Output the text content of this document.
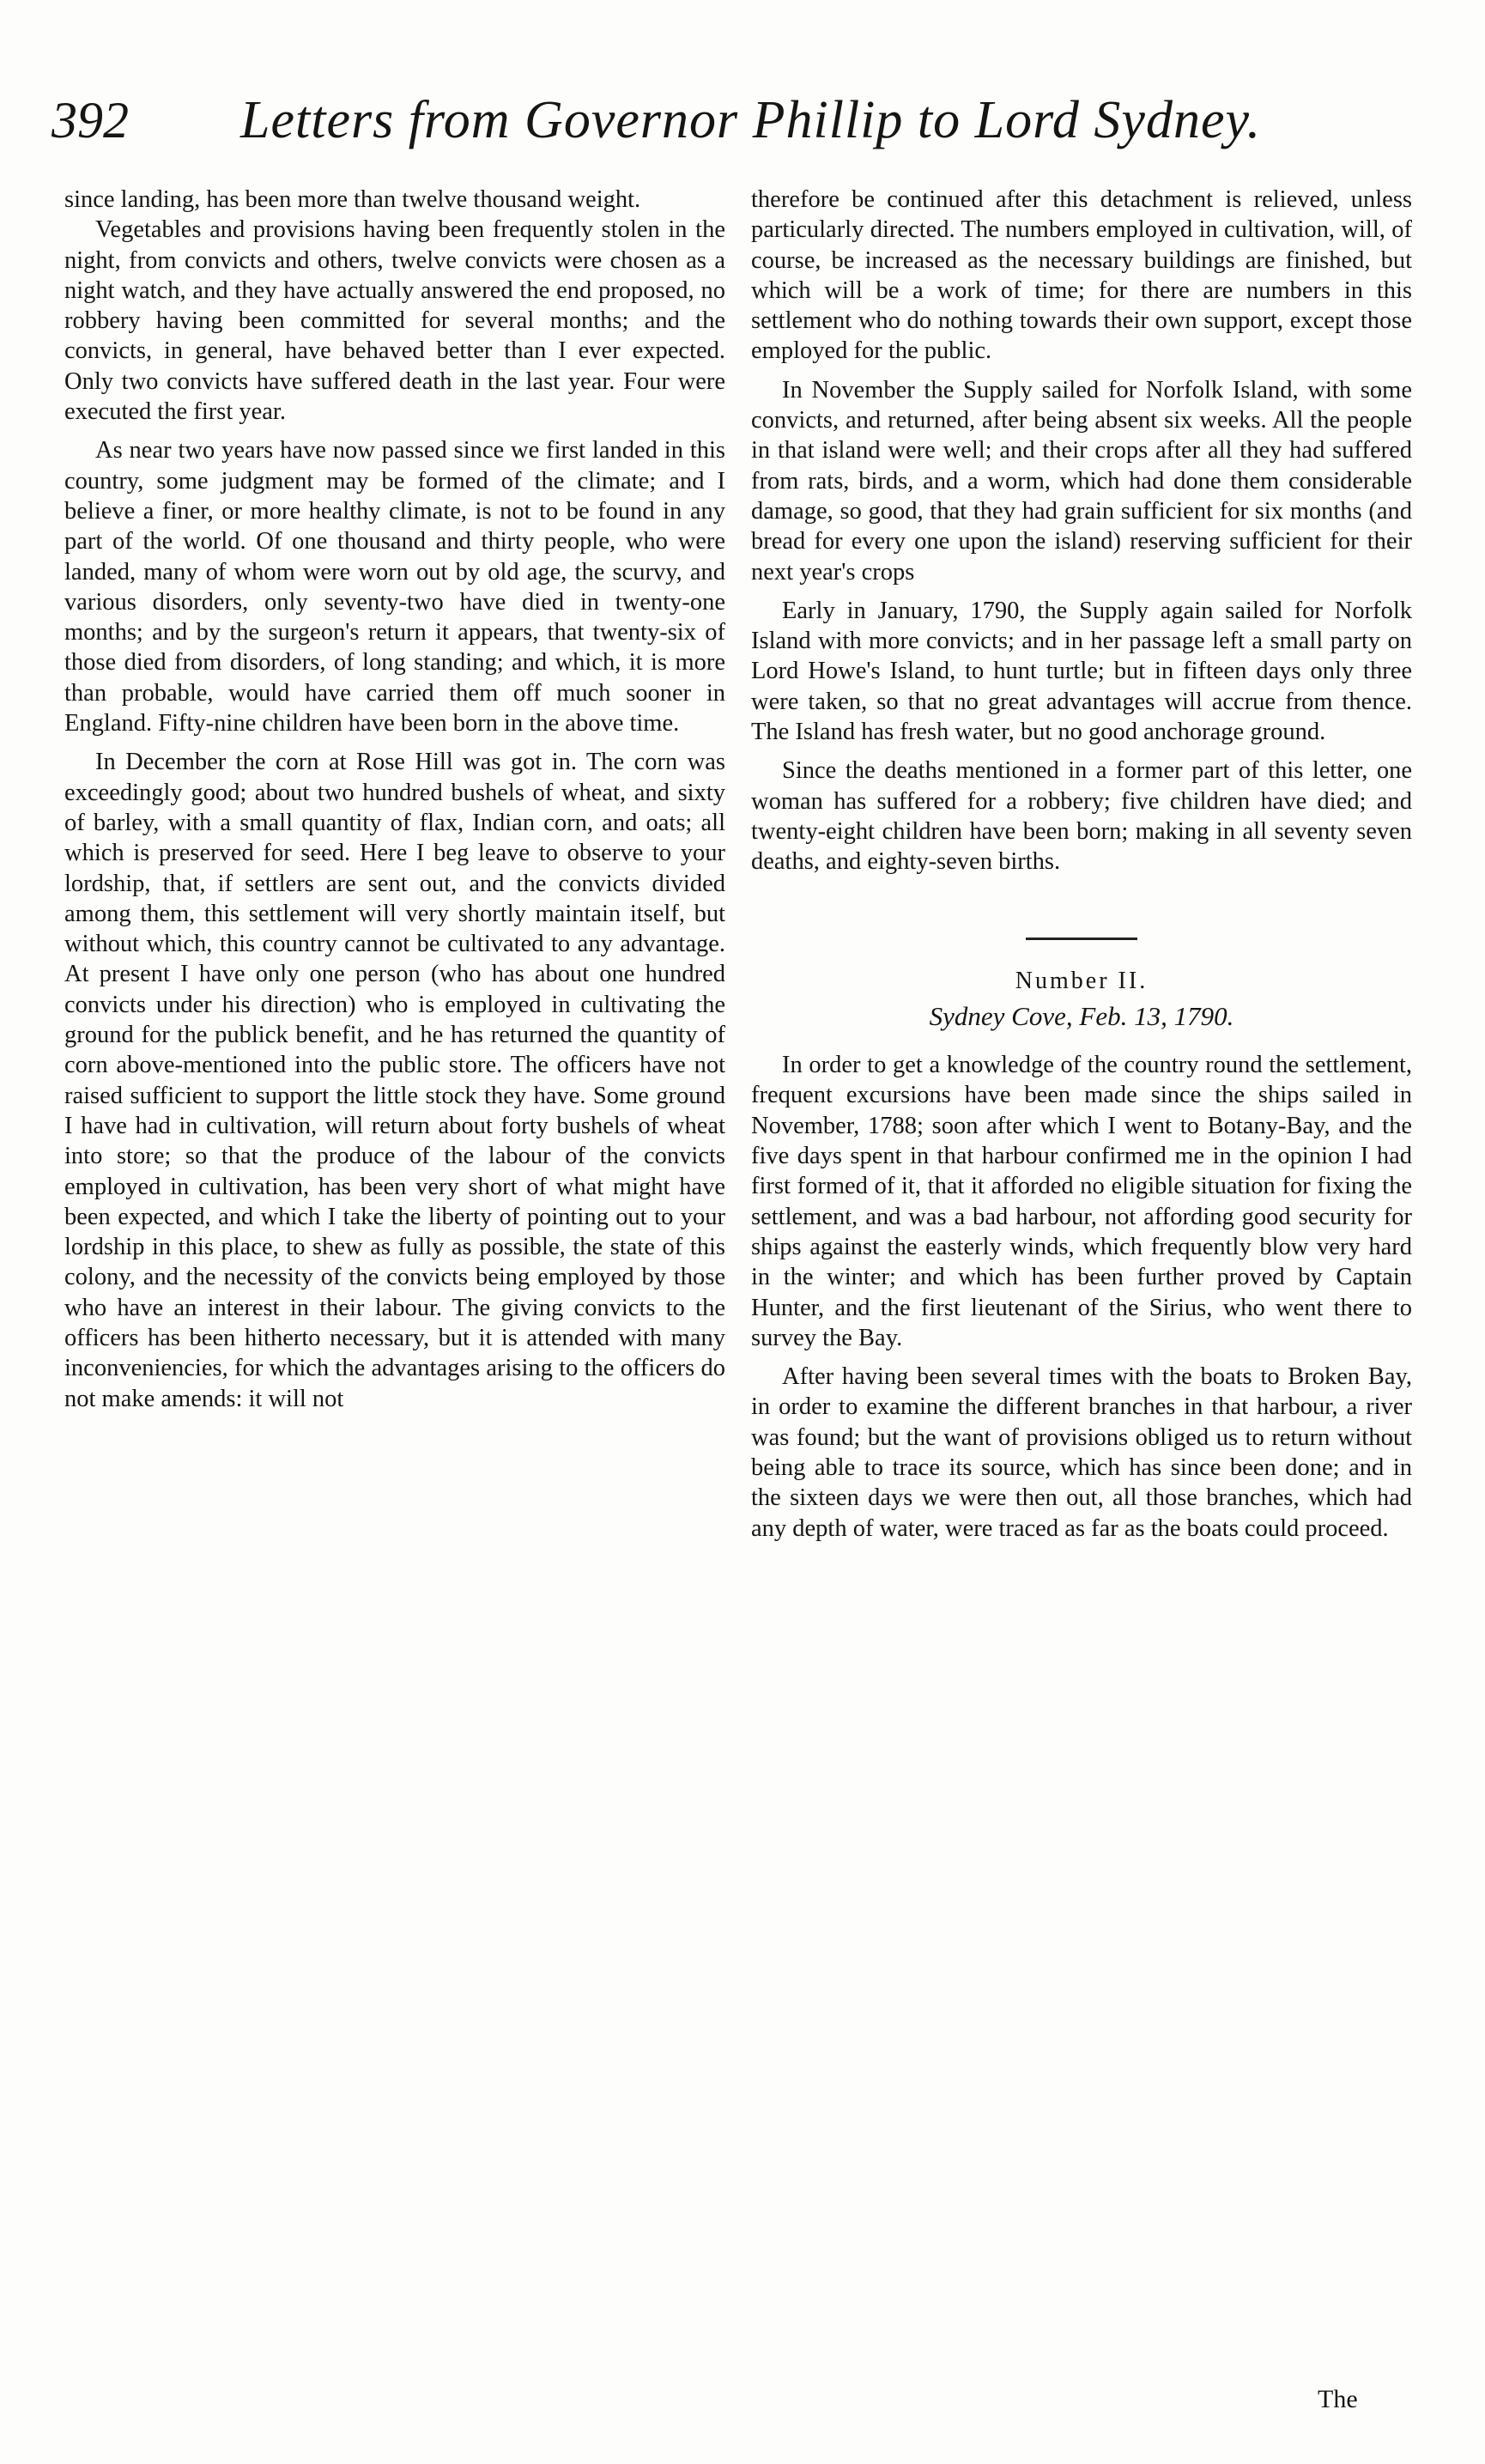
392 Letters from Governor Phillip to Lord Sydney.

since landing, has been more than twelve thousand weight.

Vegetables and provisions having been frequently stolen in the night, from convicts and others, twelve convicts were chosen as a night watch, and they have actually answered the end proposed, no robbery having been committed for several months; and the convicts, in general, have behaved better than I ever expected. Only two convicts have suffered death in the last year. Four were executed the first year.

As near two years have now passed since we first landed in this country, some judgment may be formed of the climate; and I believe a finer, or more healthy climate, is not to be found in any part of the world. Of one thousand and thirty people, who were landed, many of whom were worn out by old age, the scurvy, and various disorders, only seventy-two have died in twenty-one months; and by the surgeon's return it appears, that twenty-six of those died from disorders, of long standing; and which, it is more than probable, would have carried them off much sooner in England. Fifty-nine children have been born in the above time.

In December the corn at Rose Hill was got in. The corn was exceedingly good; about two hundred bushels of wheat, and sixty of barley, with a small quantity of flax, Indian corn, and oats; all which is preserved for seed. Here I beg leave to observe to your lordship, that, if settlers are sent out, and the convicts divided among them, this settlement will very shortly maintain itself, but without which, this country cannot be cultivated to any advantage. At present I have only one person (who has about one hundred convicts under his direction) who is employed in cultivating the ground for the publick benefit, and he has returned the quantity of corn above-mentioned into the public store. The officers have not raised sufficient to support the little stock they have. Some ground I have had in cultivation, will return about forty bushels of wheat into store; so that the produce of the labour of the convicts employed in cultivation, has been very short of what might have been expected, and which I take the liberty of pointing out to your lordship in this place, to shew as fully as possible, the state of this colony, and the necessity of the convicts being employed by those who have an interest in their labour. The giving convicts to the officers has been hitherto necessary, but it is attended with many inconveniencies, for which the advantages arising to the officers do not make amends: it will not

therefore be continued after this detachment is relieved, unless particularly directed. The numbers employed in cultivation, will, of course, be increased as the necessary buildings are finished, but which will be a work of time; for there are numbers in this settlement who do nothing towards their own support, except those employed for the public.

In November the Supply sailed for Norfolk Island, with some convicts, and returned, after being absent six weeks. All the people in that island were well; and their crops after all they had suffered from rats, birds, and a worm, which had done them considerable damage, so good, that they had grain sufficient for six months (and bread for every one upon the island) reserving sufficient for their next year's crops

Early in January, 1790, the Supply again sailed for Norfolk Island with more convicts; and in her passage left a small party on Lord Howe's Island, to hunt turtle; but in fifteen days only three were taken, so that no great advantages will accrue from thence. The Island has fresh water, but no good anchorage ground.

Since the deaths mentioned in a former part of this letter, one woman has suffered for a robbery; five children have died; and twenty-eight children have been born; making in all seventy seven deaths, and eighty-seven births.

Number II.
Sydney Cove, Feb. 13, 1790.

In order to get a knowledge of the country round the settlement, frequent excursions have been made since the ships sailed in November, 1788; soon after which I went to Botany-Bay, and the five days spent in that harbour confirmed me in the opinion I had first formed of it, that it afforded no eligible situation for fixing the settlement, and was a bad harbour, not affording good security for ships against the easterly winds, which frequently blow very hard in the winter; and which has been further proved by Captain Hunter, and the first lieutenant of the Sirius, who went there to survey the Bay.

After having been several times with the boats to Broken Bay, in order to examine the different branches in that harbour, a river was found; but the want of provisions obliged us to return without being able to trace its source, which has since been done; and in the sixteen days we were then out, all those branches, which had any depth of water, were traced as far as the boats could proceed.

The
